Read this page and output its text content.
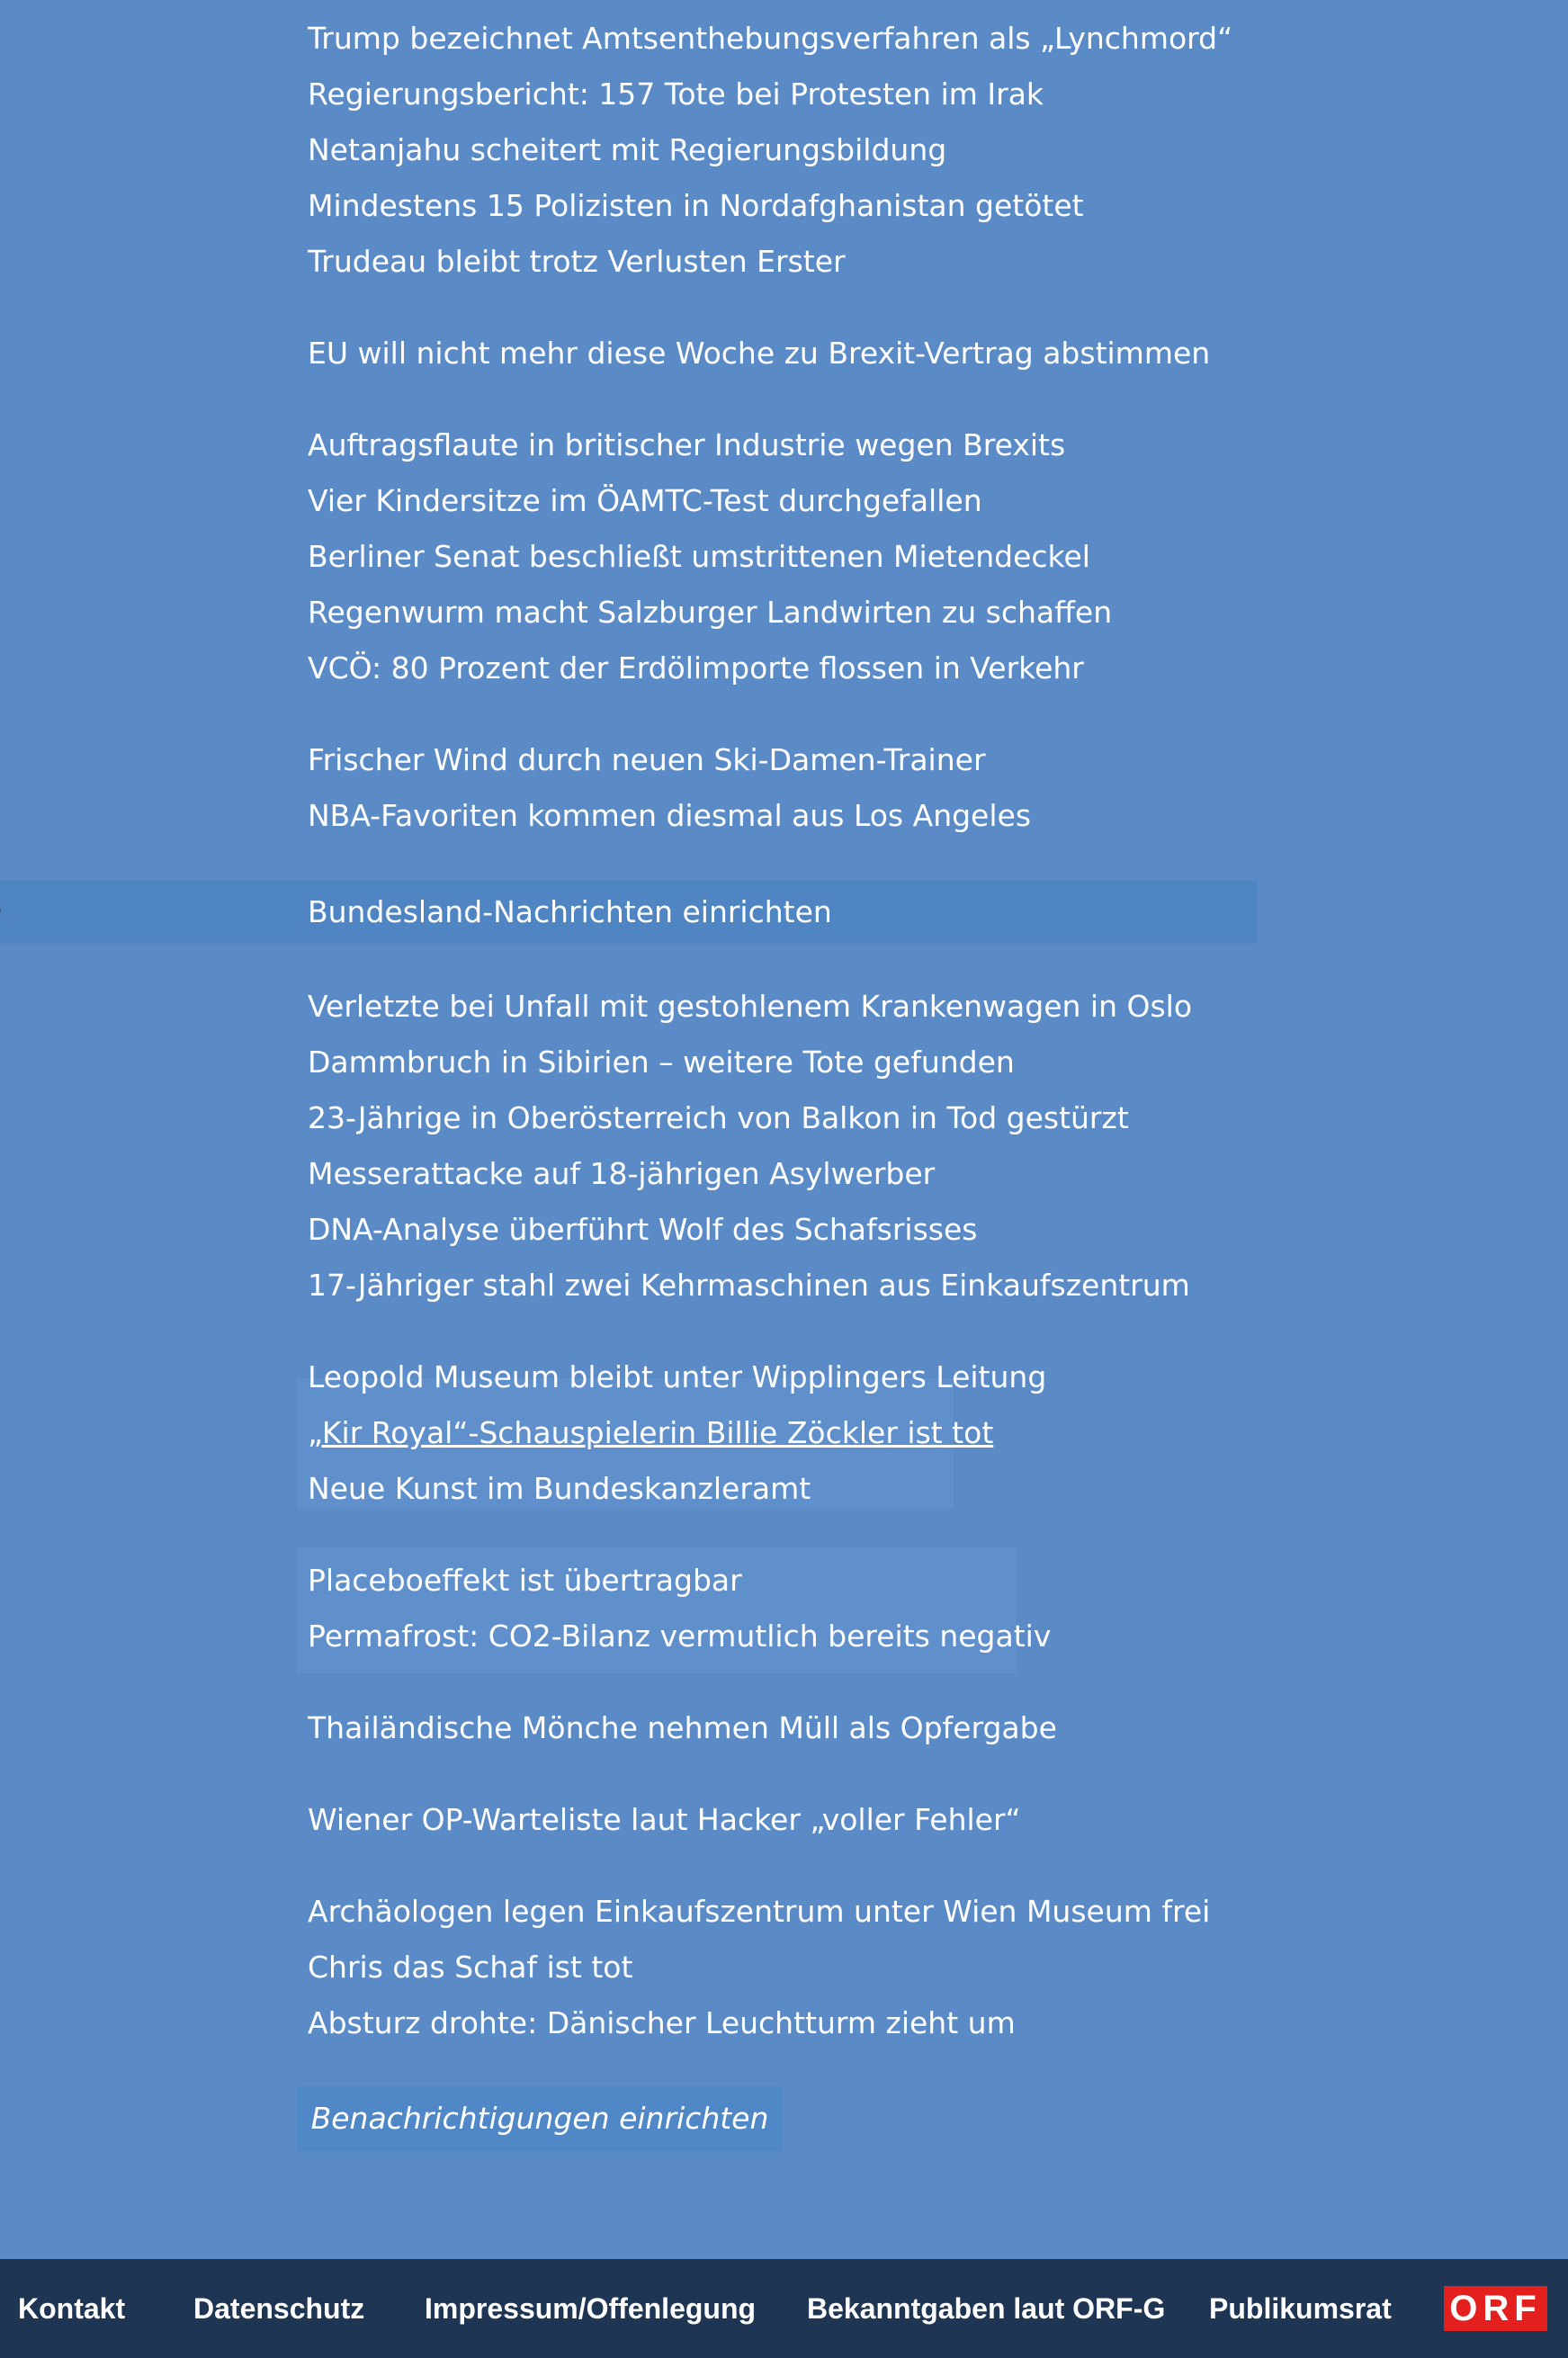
Trump bezeichnet Amtsenthebungsverfahren als „Lynchmord“
Regierungsbericht: 157 Tote bei Protesten im Irak
Netanjahu scheitert mit Regierungsbildung
Mindestens 15 Polizisten in Nordafghanistan getötet
Trudeau bleibt trotz Verlusten Erster
EU will nicht mehr diese Woche zu Brexit-Vertrag abstimmen
Auftragsflaute in britischer Industrie wegen Brexits
Vier Kindersitze im ÖAMTC-Test durchgefallen
Berliner Senat beschließt umstrittenen Mietendeckel
Regenwurm macht Salzburger Landwirten zu schaffen
VCÖ: 80 Prozent der Erdölimporte flossen in Verkehr
Frischer Wind durch neuen Ski-Damen-Trainer
NBA-Favoriten kommen diesmal aus Los Angeles
Bundesland-Nachrichten einrichten
Verletzte bei Unfall mit gestohlenem Krankenwagen in Oslo
Dammbruch in Sibirien – weitere Tote gefunden
23-Jährige in Oberösterreich von Balkon in Tod gestürzt
Messerattacke auf 18-jährigen Asylwerber
DNA-Analyse überführt Wolf des Schafsrisses
17-Jähriger stahl zwei Kehrmaschinen aus Einkaufszentrum
Leopold Museum bleibt unter Wipplingers Leitung
„Kir Royal“-Schauspielerin Billie Zöckler ist tot
Neue Kunst im Bundeskanzleramt
Placeboeffekt ist übertragbar
Permafrost: CO2-Bilanz vermutlich bereits negativ
Thailändische Mönche nehmen Müll als Opfergabe
Wiener OP-Warteliste laut Hacker „voller Fehler“
Archäologen legen Einkaufszentrum unter Wien Museum frei
Chris das Schaf ist tot
Absturz drohte: Dänischer Leuchtturm zieht um
Benachrichtigungen einrichten
Kontakt Datenschutz Impressum/Offenlegung Bekanntgaben laut ORF-G Publikumsrat ORF
